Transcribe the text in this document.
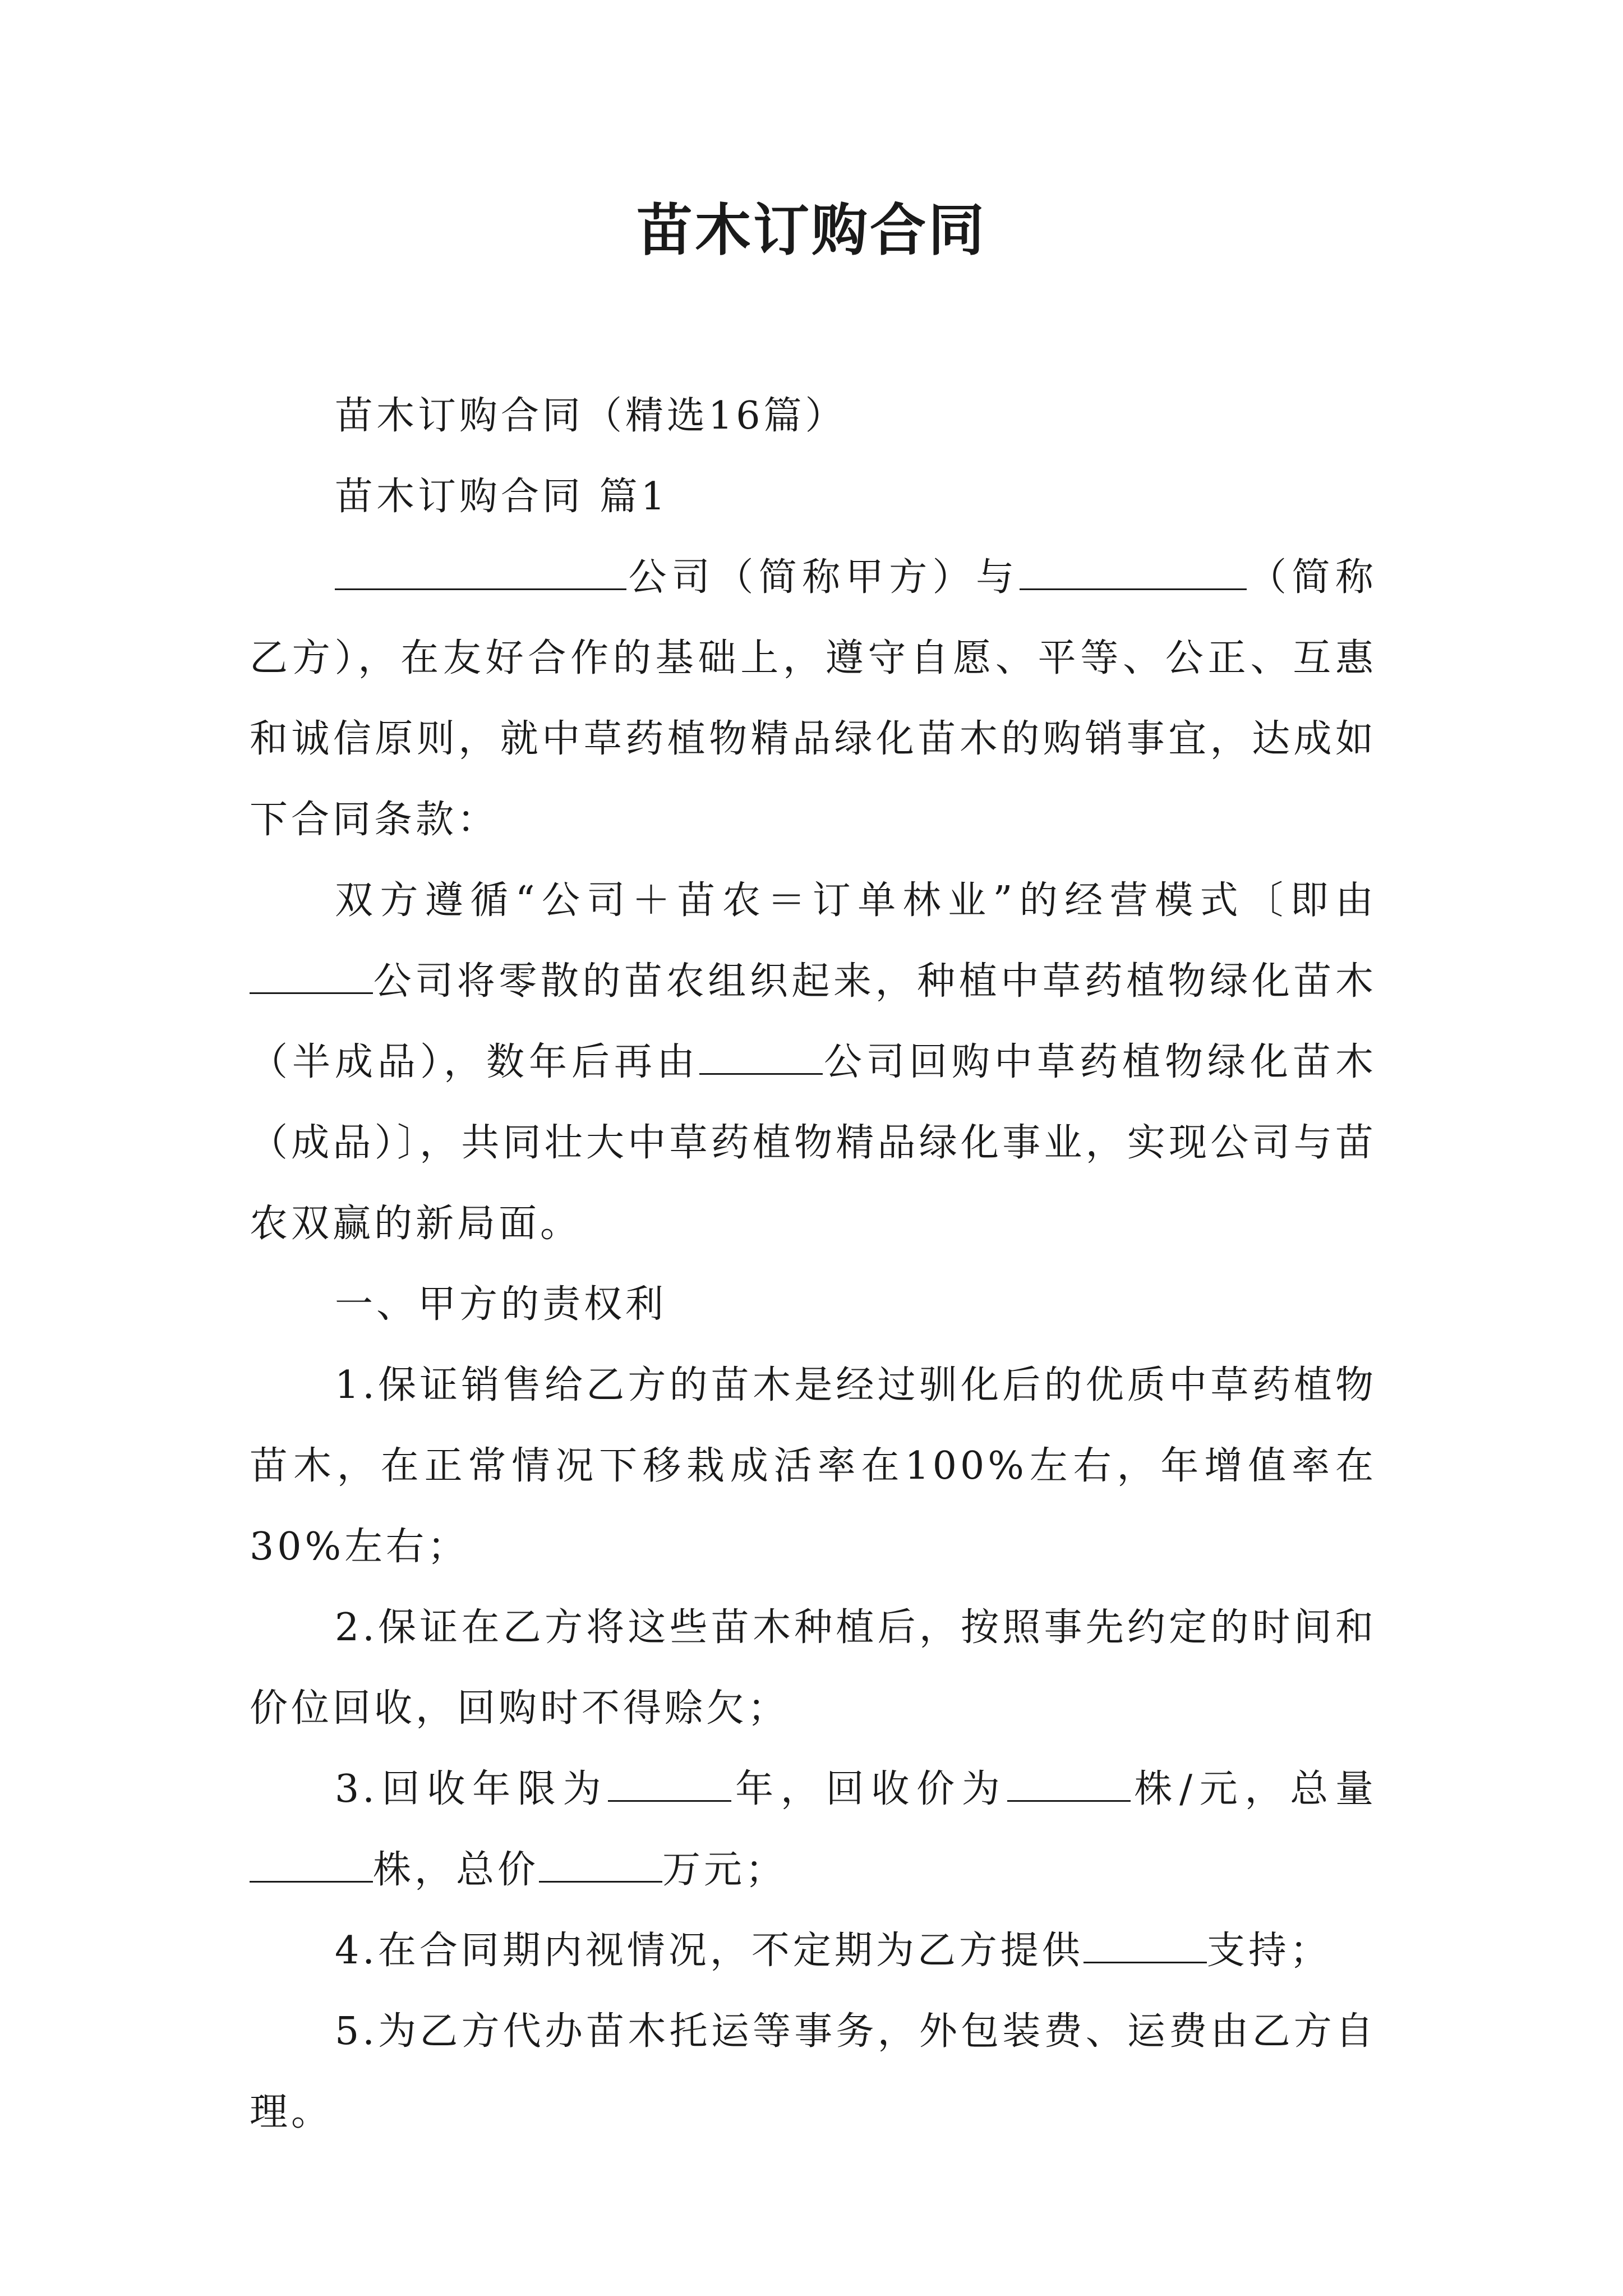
苗木订购合同

苗木订购合同（精选16篇）

苗木订购合同 篇1

公司（简称甲方）与	（简称乙方），在友好合作的基础上，遵守自愿、平等、公正、互惠和诚信原则，就中草药植物精品绿化苗木的购销事宜，达成如下合同条款：

双方遵循“公司＋苗农＝订单林业”的经营模式〔即由公司将零散的苗农组织起来，种植中草药植物绿化苗木（半成品），数年后再由	公司回购中草药植物绿化苗木（成品）〕，共同壮大中草药植物精品绿化事业，实现公司与苗农双赢的新局面。

一、甲方的责权利

1.保证销售给乙方的苗木是经过驯化后的优质中草药植物苗木，在正常情况下移栽成活率在100%左右，年增值率在30%左右；

2.保证在乙方将这些苗木种植后，按照事先约定的时间和价位回收，回购时不得赊欠；

3.回收年限为	年，回收价为	株/元，总量株，总价	万元；

4.在合同期内视情况，不定期为乙方提供	支持；

5.为乙方代办苗木托运等事务，外包装费、运费由乙方自理。
